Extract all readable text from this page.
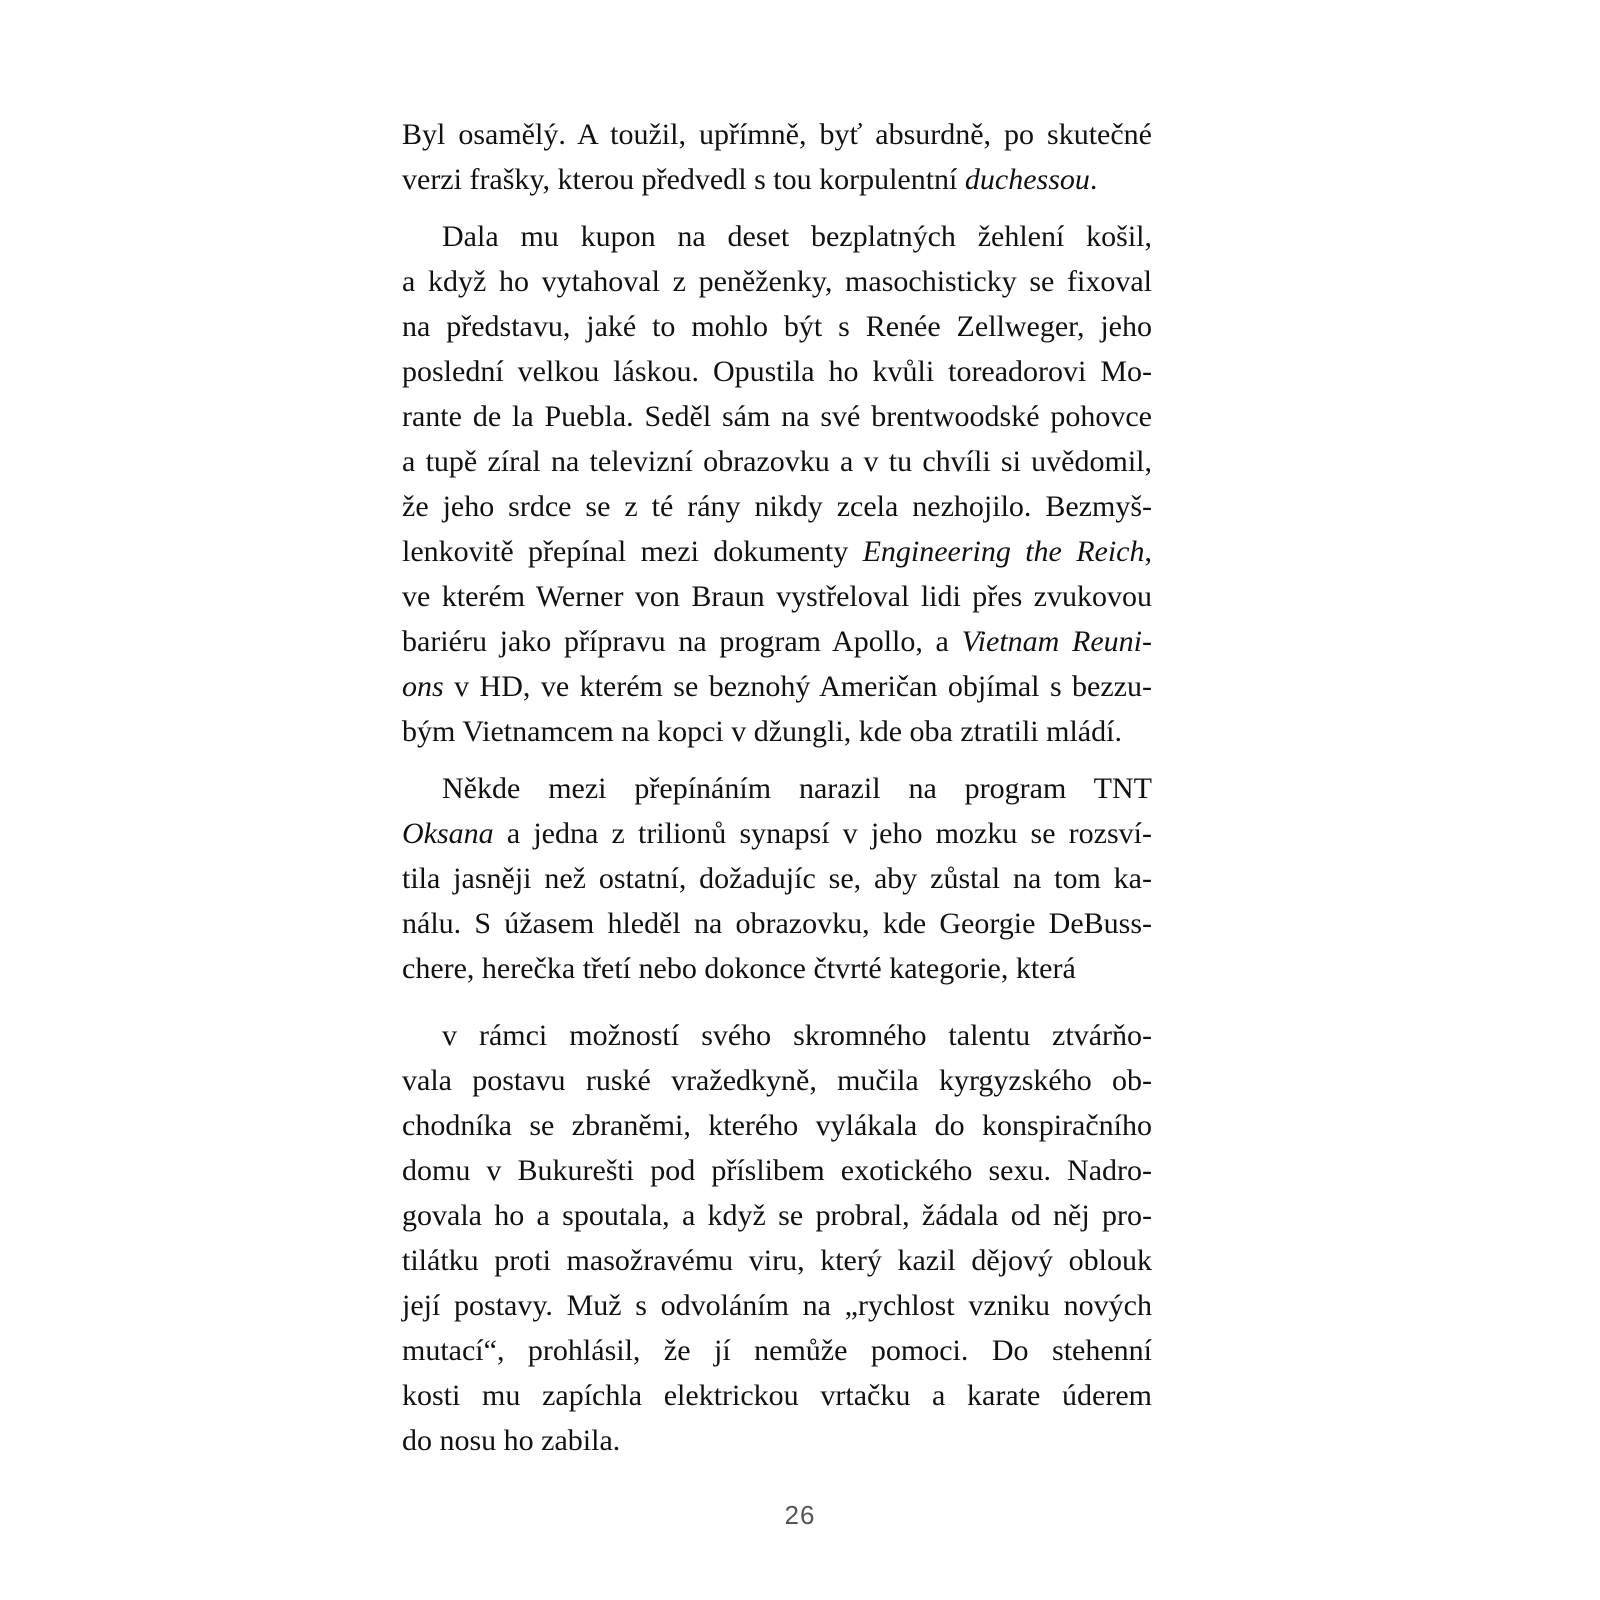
Byl osamělý. A toužil, upřímně, byť absurdně, po skutečné
verzi frašky, kterou předvedl s tou korpulentní duchessou.
Dala mu kupon na deset bezplatných žehlení košil,
a když ho vytahoval z peněženky, masochisticky se fixoval
na představu, jaké to mohlo být s Renée Zellweger, jeho
poslední velkou láskou. Opustila ho kvůli toreadorovi Mo-
rante de la Puebla. Seděl sám na své brentwoodské pohovce
a tupě zíral na televizní obrazovku a v tu chvíli si uvědomil,
že jeho srdce se z té rány nikdy zcela nezhojilo. Bezmyš-
lenkovitě přepínal mezi dokumenty Engineering the Reich,
ve kterém Werner von Braun vystřeloval lidi přes zvukovou
bariéru jako přípravu na program Apollo, a Vietnam Reuni-
ons v HD, ve kterém se beznohý Američan objímal s bezzu-
bým Vietnamcem na kopci v džungli, kde oba ztratili mládí.
Někde mezi přepínáním narazil na program TNT
Oksana a jedna z trilionů synapsí v jeho mozku se rozsví-
tila jasněji než ostatní, dožadujíc se, aby zůstal na tom ka-
nálu. S úžasem hleděl na obrazovku, kde Georgie DeBuss-
chere, herečka třetí nebo dokonce čtvrté kategorie, která
v rámci možností svého skromného talentu ztvárňo-
vala postavu ruské vražedkyně, mučila kyrgyzského ob-
chodníka se zbraněmi, kterého vylákala do konspiračního
domu v Bukurešti pod příslibem exotického sexu. Nadro-
govala ho a spoutala, a když se probral, žádala od něj pro-
tilátku proti masožravému viru, který kazil dějový oblouk
její postavy. Muž s odvoláním na „rychlost vzniku nových
mutací“, prohlásil, že jí nemůže pomoci. Do stehenní
kosti mu zapíchla elektrickou vrtačku a karate úderem
do nosu ho zabila.
26
